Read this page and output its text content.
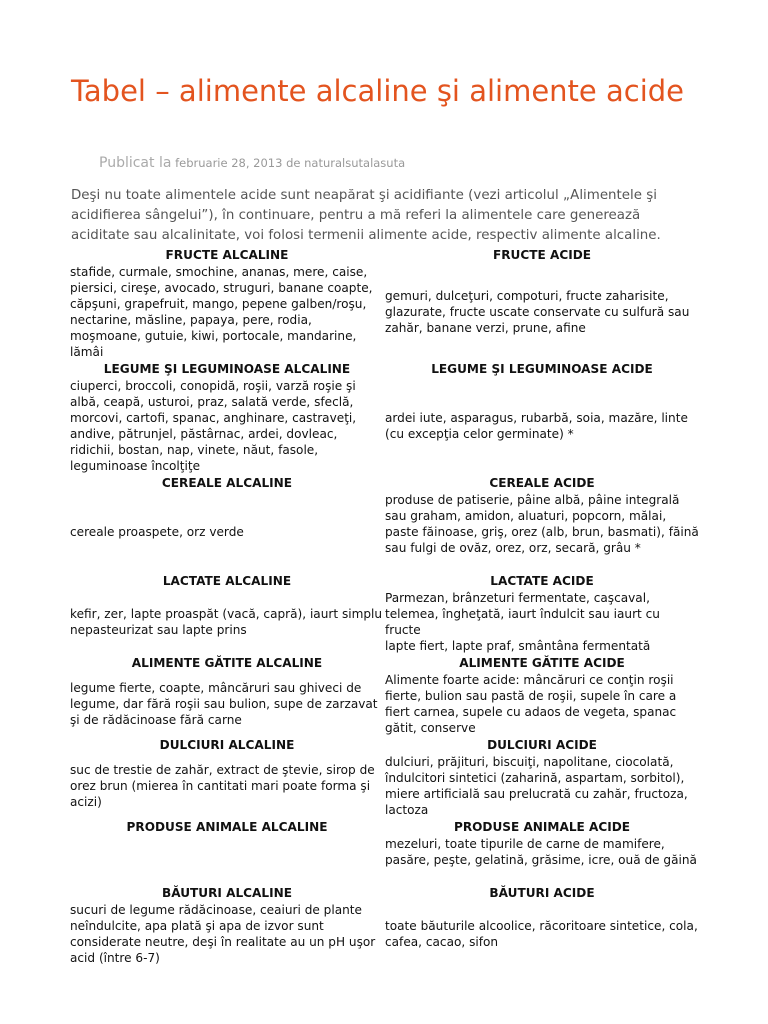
Tabel – alimente alcaline şi alimente acide
Publicat la februarie 28, 2013 de naturalsutalasuta

Deşi nu toate alimentele acide sunt neapărat şi acidifiante (vezi articolul „Alimentele şi acidifierea sângelui”), în continuare, pentru a mă referi la alimentele care generează aciditate sau alcalinitate, voi folosi termenii alimente acide, respectiv alimente alcaline.

FRUCTE ALCALINE	FRUCTE ACIDE

stafide, curmale, smochine, ananas, mere, caise, piersici, cireşe, avocado, struguri, banane coapte, căpşuni, grapefruit, mango, pepene galben/roşu, nectarine, măsline, papaya, pere, rodia, moşmoane, gutuie, kiwi, portocale, mandarine, lămâi	gemuri, dulceţuri, compoturi, fructe zaharisite, glazurate, fructe uscate conservate cu sulfură sau zahăr, banane verzi, prune, afine

LEGUME ŞI LEGUMINOASE ALCALINE	LEGUME ŞI LEGUMINOASE ACIDE

ciuperci, broccoli, conopidă, roşii, varză roşie şi albă, ceapă, usturoi, praz, salată verde, sfeclă, morcovi, cartofi, spanac, anghinare, castraveţi, andive, pătrunjel, păstârnac, ardei, dovleac, ridichii, bostan, nap, vinete, năut, fasole, leguminoase încolţiţe	ardei iute, asparagus, rubarbă, soia, mazăre, linte (cu excepţia celor germinate) *

CEREALE ALCALINE	CEREALE ACIDE

cereale proaspete, orz verde	produse de patiserie, pâine albă, pâine integrală sau graham, amidon, aluaturi, popcorn, mălai, paste făinoase, griş, orez (alb, brun, basmati), făină sau fulgi de ovăz, orez, orz, secară, grâu *

LACTATE ALCALINE	LACTATE ACIDE

kefir, zer, lapte proaspăt (vacă, capră), iaurt simplu nepasteurizat sau lapte prins	Parmezan, brânzeturi fermentate, caşcaval, telemea, îngheţată, iaurt îndulcit sau iaurt cu fructe
lapte fiert, lapte praf, smântâna fermentată

ALIMENTE GĂTITE ALCALINE	ALIMENTE GĂTITE ACIDE

legume fierte, coapte, mâncăruri sau ghiveci de legume, dar fără roşii sau bulion, supe de zarzavat şi de rădăcinoase fără carne	Alimente foarte acide: mâncăruri ce conţin roşii fierte, bulion sau pastă de roşii, supele în care a fiert carnea, supele cu adaos de vegeta, spanac gătit, conserve

DULCIURI ALCALINE	DULCIURI ACIDE

suc de trestie de zahăr, extract de ştevie, sirop de orez brun (mierea în cantitati mari poate forma şi acizi)	dulciuri, prăjituri, biscuiţi, napolitane, ciocolată, îndulcitori sintetici (zaharină, aspartam, sorbitol), miere artificială sau prelucrată cu zahăr, fructoza, lactoza

PRODUSE ANIMALE ALCALINE	PRODUSE ANIMALE ACIDE

	mezeluri, toate tipurile de carne de mamifere, pasăre, peşte, gelatină, grăsime, icre, ouă de găină

BĂUTURI ALCALINE	BĂUTURI ACIDE

sucuri de legume rădăcinoase, ceaiuri de plante neîndulcite, apa plată şi apa de izvor sunt considerate neutre, deşi în realitate au un pH uşor acid (între 6-7)	toate băuturile alcoolice, răcoritoare sintetice, cola, cafea, cacao, sifon
